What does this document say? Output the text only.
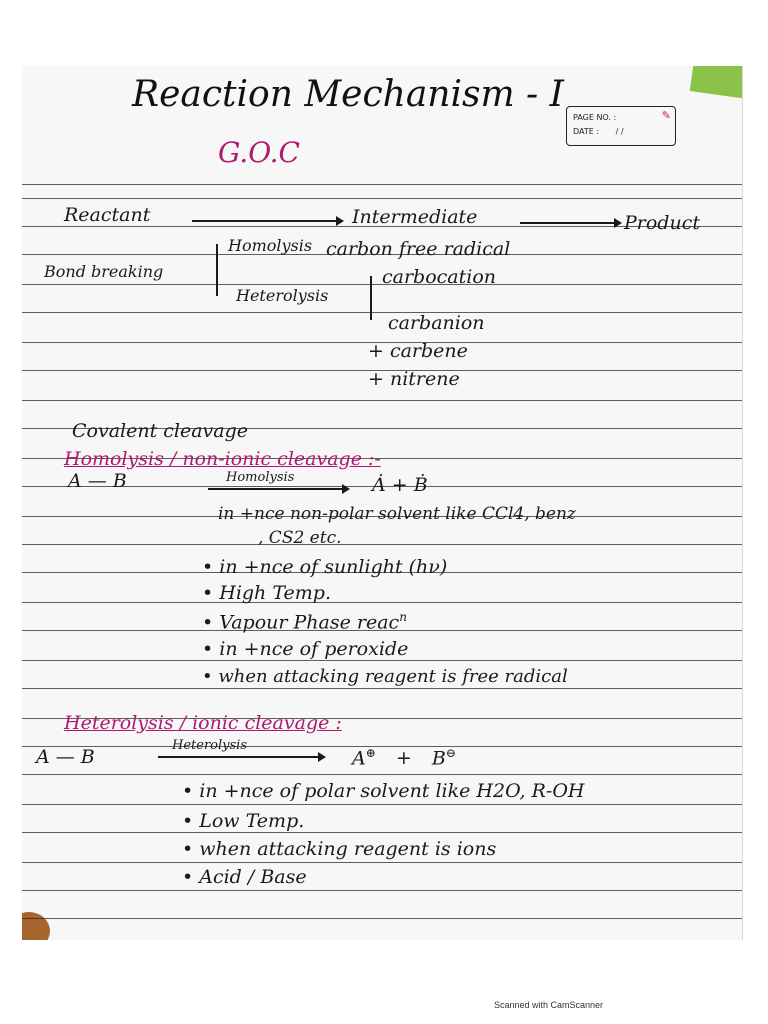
✎
PAGE NO. :
DATE : / /
Reaction Mechanism - I
G.O.C
Reactant	Intermediate	Product
Bond breaking
Homolysis carbon free radical
Heterolysis
carbocation
carbanion
+ carbene
+ nitrene
Covalent cleavage
Homolysis / non-ionic cleavage :-
A — B	Homolysis	Ȧ + Ḃ
in +nce non-polar solvent like CCl4, benz
, CS2 etc.
• in +nce of sunlight (hν)
• High Temp.
• Vapour Phase reac$^n$
• in +nce of peroxide
• when attacking reagent is free radical
Heterolysis / ionic cleavage :
A — B
Heterolysis
A⊕ + B⊖
• in +nce of polar solvent like H2O, R-OH
• Low Temp.
• when attacking reagent is ions
• Acid / Base
Scanned with CamScanner
